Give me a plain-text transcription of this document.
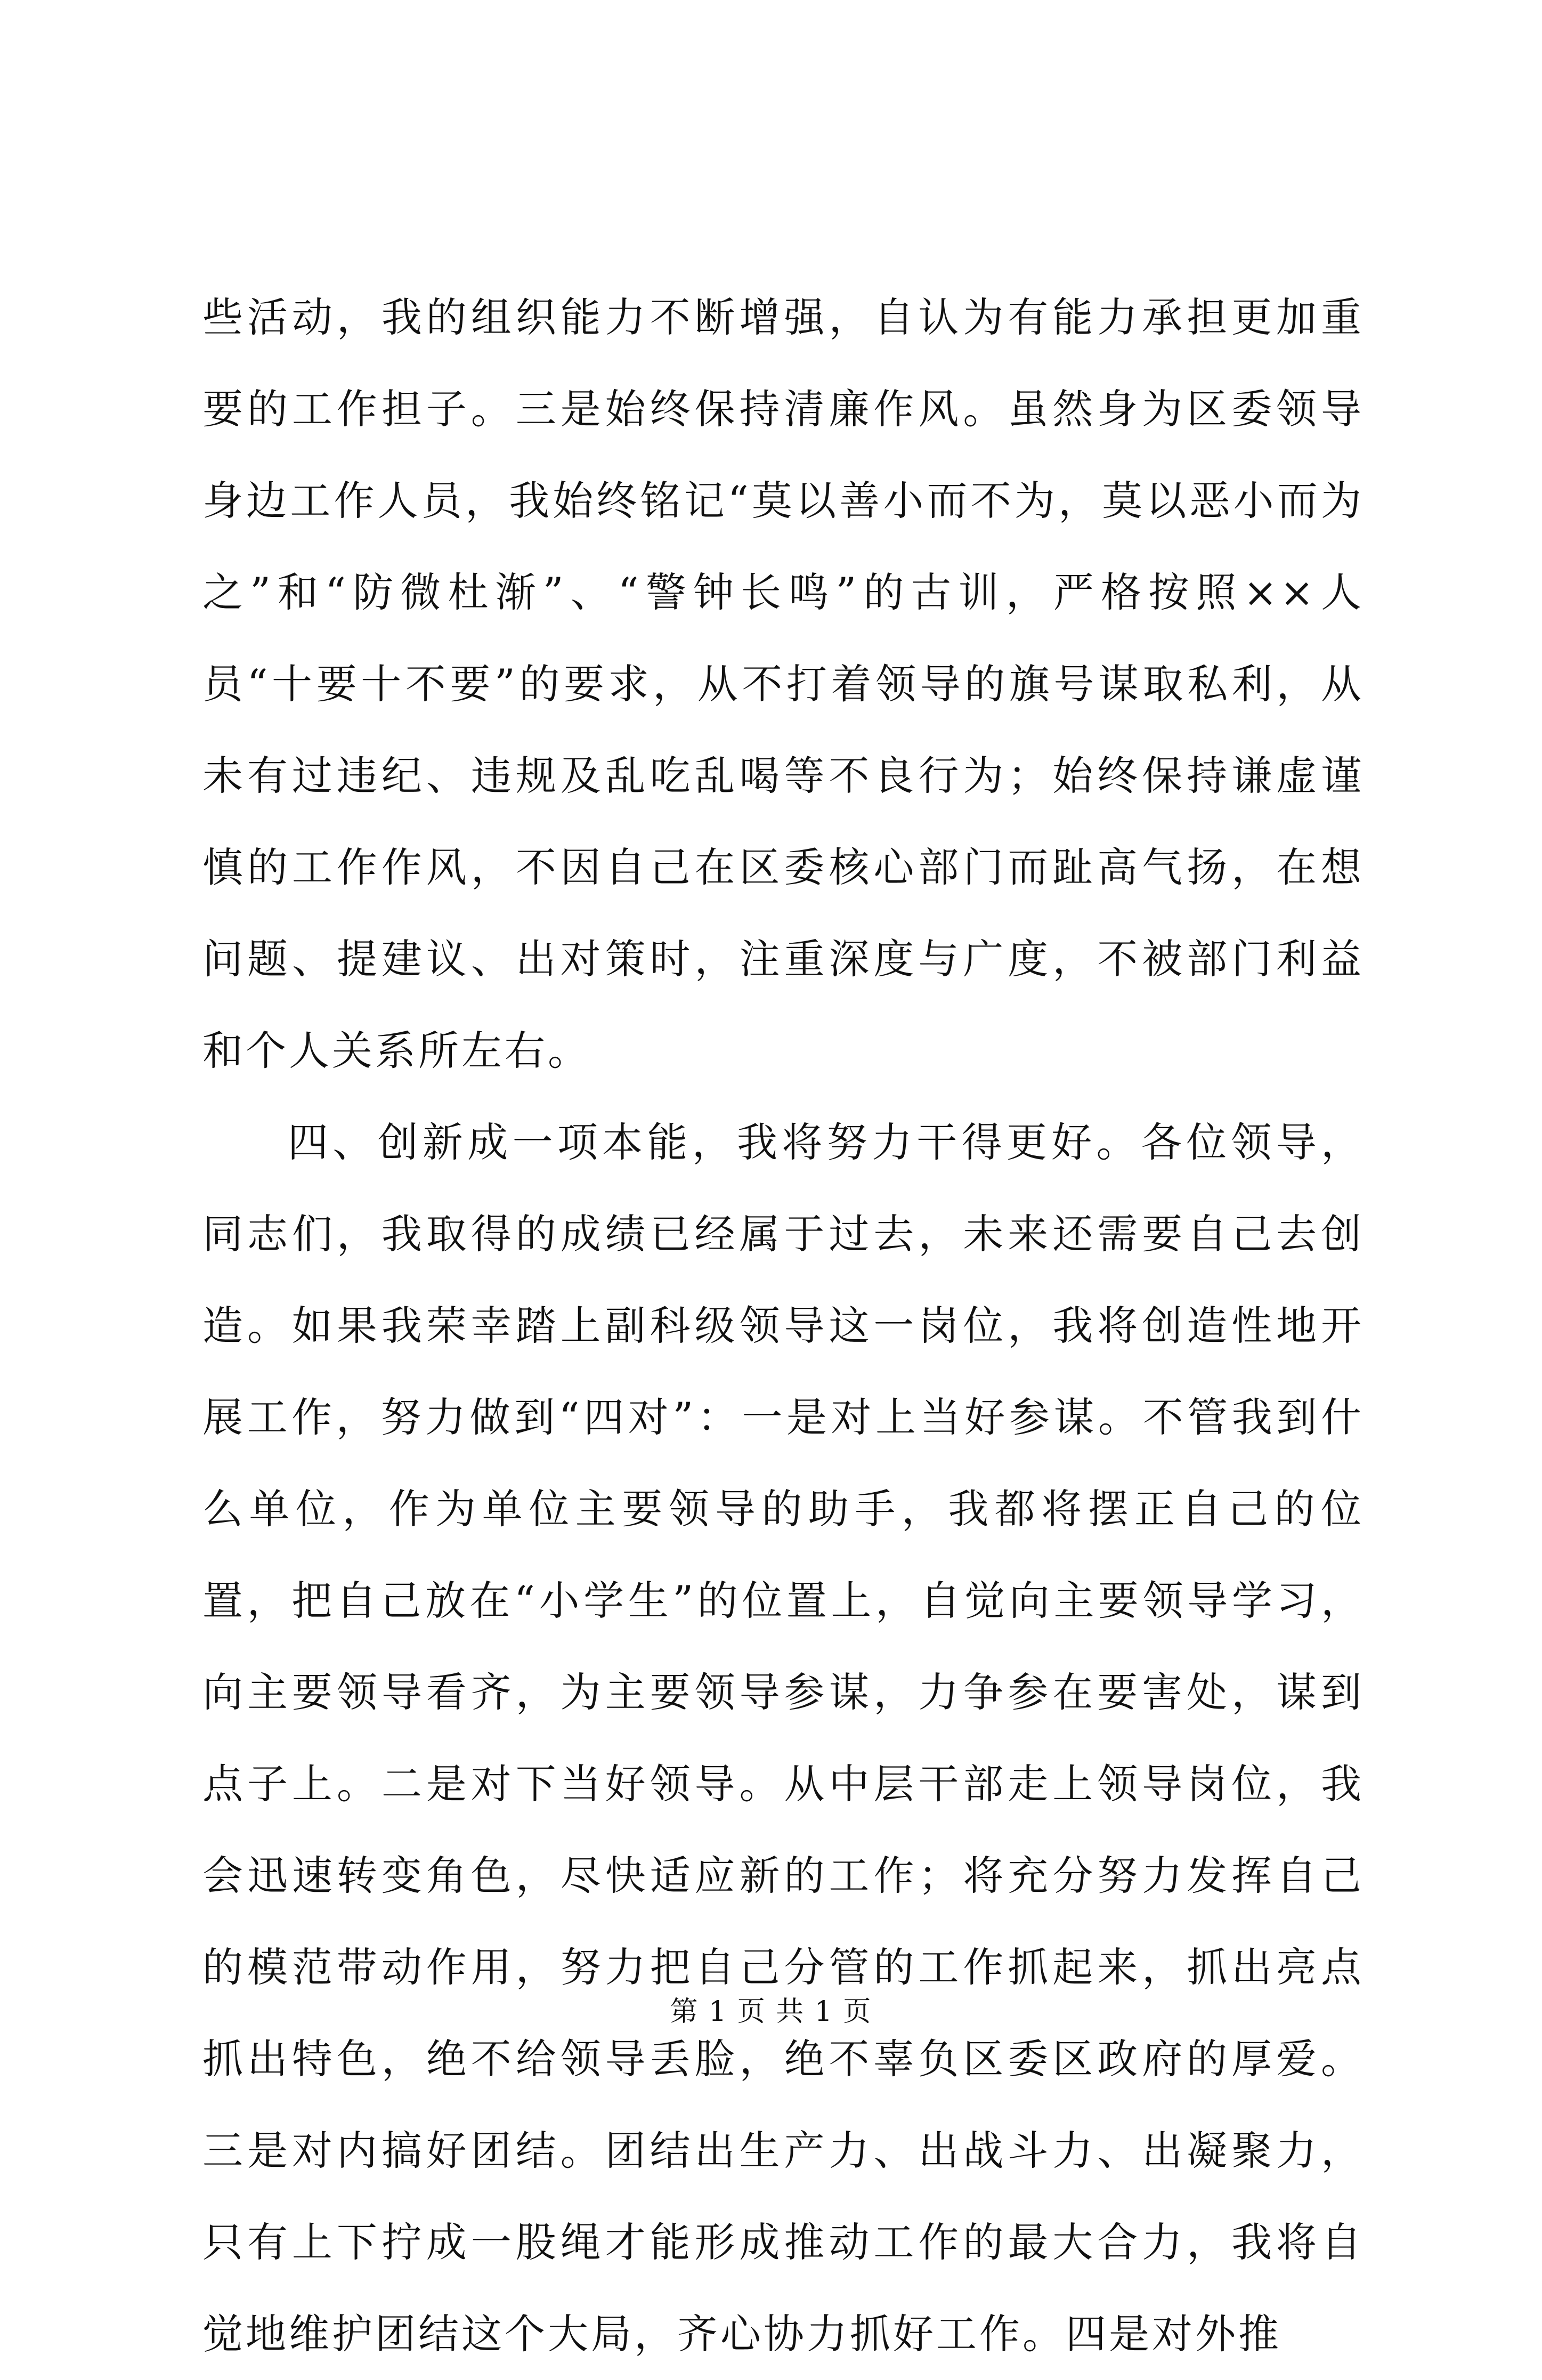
些活动，我的组织能力不断增强，自认为有能力承担更加重要的工作担子。三是始终保持清廉作风。虽然身为区委领导身边工作人员，我始终铭记“莫以善小而不为，莫以恶小而为之”和“防微杜渐”、“警钟长鸣”的古训，严格按照××人员“十要十不要”的要求，从不打着领导的旗号谋取私利，从未有过违纪、违规及乱吃乱喝等不良行为；始终保持谦虚谨慎的工作作风，不因自己在区委核心部门而趾高气扬，在想问题、提建议、出对策时，注重深度与广度，不被部门利益和个人关系所左右。

四、创新成一项本能，我将努力干得更好。各位领导，同志们，我取得的成绩已经属于过去，未来还需要自己去创造。如果我荣幸踏上副科级领导这一岗位，我将创造性地开展工作，努力做到“四对”：一是对上当好参谋。不管我到什么单位，作为单位主要领导的助手，我都将摆正自己的位置，把自己放在“小学生”的位置上，自觉向主要领导学习，向主要领导看齐，为主要领导参谋，力争参在要害处，谋到点子上。二是对下当好领导。从中层干部走上领导岗位，我会迅速转变角色，尽快适应新的工作；将充分努力发挥自己的模范带动作用，努力把自己分管的工作抓起来，抓出亮点抓出特色，绝不给领导丢脸，绝不辜负区委区政府的厚爱。三是对内搞好团结。团结出生产力、出战斗力、出凝聚力，只有上下拧成一股绳才能形成推动工作的最大合力，我将自觉地维护团结这个大局，齐心协力抓好工作。四是对外推

第 1 页 共 1 页
